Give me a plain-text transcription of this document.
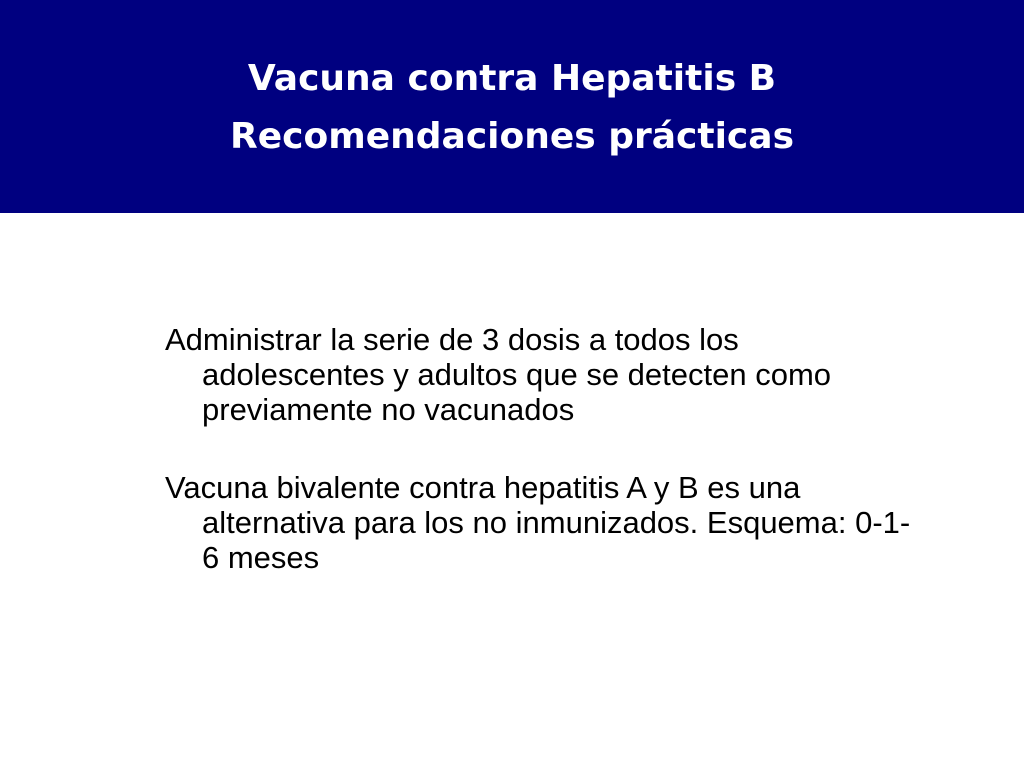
Vacuna contra Hepatitis B
Recomendaciones prácticas

Administrar la serie de 3 dosis a todos los adolescentes y adultos que se detecten como previamente no vacunados

Vacuna bivalente contra hepatitis A y B es una alternativa para los no inmunizados. Esquema: 0-1-6 meses
